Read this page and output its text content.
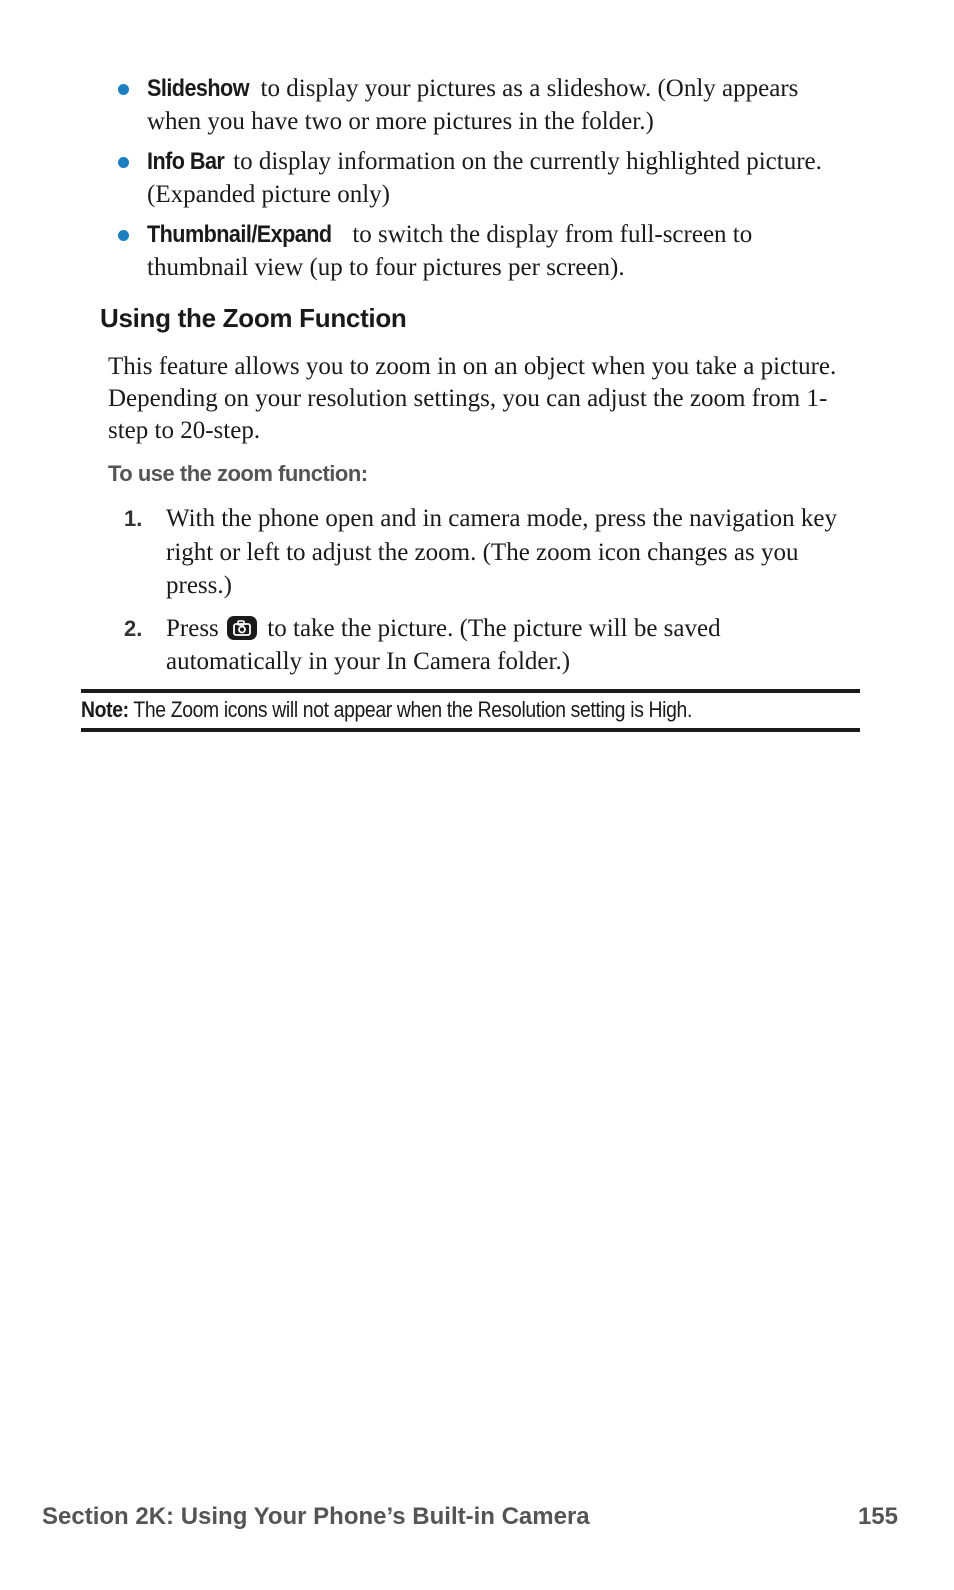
Slideshow to display your pictures as a slideshow. (Only appears when you have two or more pictures in the folder.)
Info Bar to display information on the currently highlighted picture. (Expanded picture only)
Thumbnail/Expand to switch the display from full-screen to thumbnail view (up to four pictures per screen).
Using the Zoom Function

This feature allows you to zoom in on an object when you take a picture. Depending on your resolution settings, you can adjust the zoom from 1-step to 20-step.

To use the zoom function:
1. With the phone open and in camera mode, press the navigation key right or left to adjust the zoom. (The zoom icon changes as you press.)
2. Press
to take the picture. (The picture will be saved automatically in your In Camera folder.)
Note: The Zoom icons will not appear when the Resolution setting is High.
Section 2K: Using Your Phone’s Built-in Camera	155
